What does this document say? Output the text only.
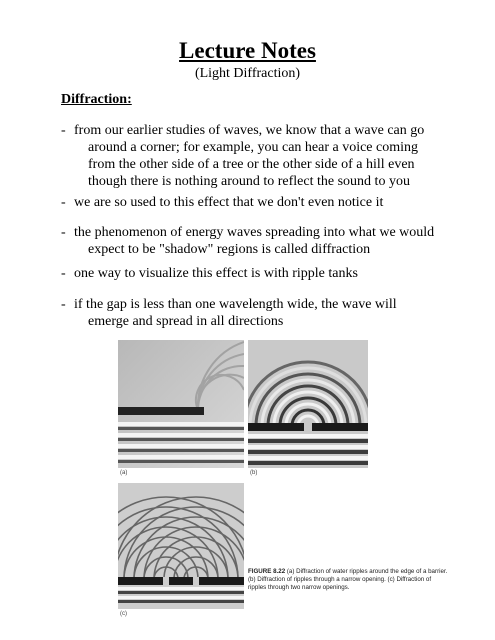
Lecture Notes
(Light Diffraction)
Diffraction:
- from our earlier studies of waves, we know that a wave can go
around a corner; for example, you can hear a voice coming
from the other side of a tree or the other side of a hill even
though there is nothing around to reflect the sound to you
- we are so used to this effect that we don't even notice it
- the phenomenon of energy waves spreading into what we would
expect to be "shadow" regions is called diffraction
- one way to visualize this effect is with ripple tanks
- if the gap is less than one wavelength wide, the wave will
emerge and spread in all directions
(a)	(b)
(c)
FIGURE 8.22 (a) Diffraction of water ripples around the edge of a barrier. (b) Diffraction of ripples through a narrow opening. (c) Diffraction of ripples through two narrow openings.
